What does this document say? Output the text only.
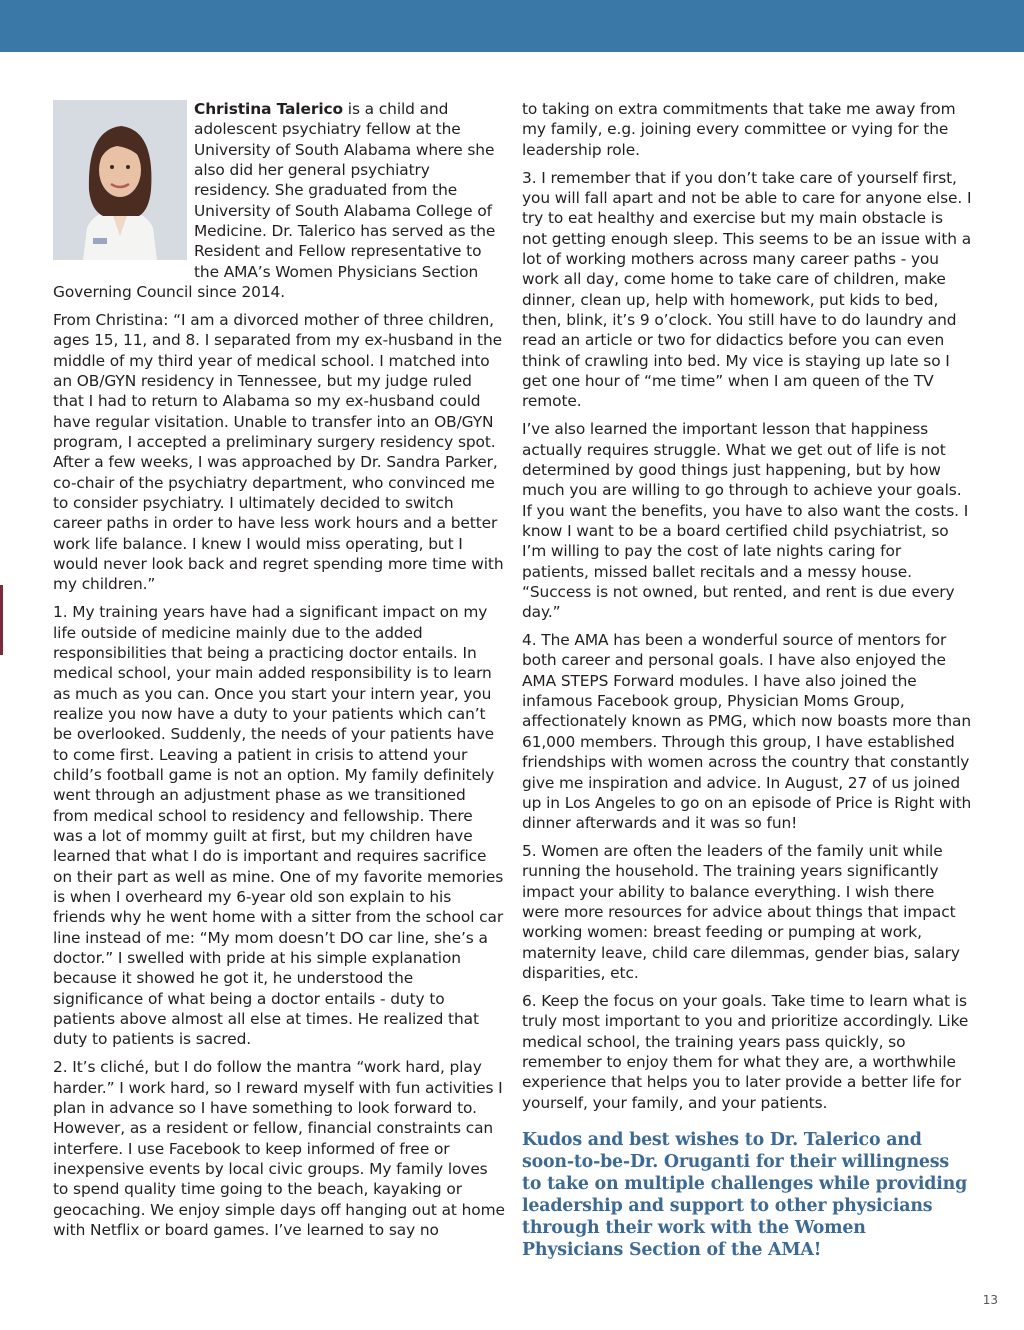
Christina Talerico is a child and adolescent psychiatry fellow at the University of South Alabama where she also did her general psychiatry residency. She graduated from the University of South Alabama College of Medicine. Dr. Talerico has served as the Resident and Fellow representative to the AMA’s Women Physicians Section Governing Council since 2014.

From Christina: “I am a divorced mother of three children, ages 15, 11, and 8. I separated from my ex-husband in the middle of my third year of medical school. I matched into an OB/GYN residency in Tennessee, but my judge ruled that I had to return to Alabama so my ex-husband could have regular visitation. Unable to transfer into an OB/GYN program, I accepted a preliminary surgery residency spot. After a few weeks, I was approached by Dr. Sandra Parker, co-chair of the psychiatry department, who convinced me to consider psychiatry. I ultimately decided to switch career paths in order to have less work hours and a better work life balance. I knew I would miss operating, but I would never look back and regret spending more time with my children.”

1. My training years have had a significant impact on my life outside of medicine mainly due to the added responsibilities that being a practicing doctor entails. In medical school, your main added responsibility is to learn as much as you can. Once you start your intern year, you realize you now have a duty to your patients which can’t be overlooked. Suddenly, the needs of your patients have to come first. Leaving a patient in crisis to attend your child’s football game is not an option. My family definitely went through an adjustment phase as we transitioned from medical school to residency and fellowship. There was a lot of mommy guilt at first, but my children have learned that what I do is important and requires sacrifice on their part as well as mine. One of my favorite memories is when I overheard my 6-year old son explain to his friends why he went home with a sitter from the school car line instead of me: “My mom doesn’t DO car line, she’s a doctor.” I swelled with pride at his simple explanation because it showed he got it, he understood the significance of what being a doctor entails - duty to patients above almost all else at times. He realized that duty to patients is sacred.

2. It’s cliché, but I do follow the mantra “work hard, play harder.” I work hard, so I reward myself with fun activities I plan in advance so I have something to look forward to. However, as a resident or fellow, financial constraints can interfere. I use Facebook to keep informed of free or inexpensive events by local civic groups. My family loves to spend quality time going to the beach, kayaking or geocaching. We enjoy simple days off hanging out at home with Netflix or board games. I’ve learned to say no

to taking on extra commitments that take me away from my family, e.g. joining every committee or vying for the leadership role.

3. I remember that if you don’t take care of yourself first, you will fall apart and not be able to care for anyone else. I try to eat healthy and exercise but my main obstacle is not getting enough sleep. This seems to be an issue with a lot of working mothers across many career paths - you work all day, come home to take care of children, make dinner, clean up, help with homework, put kids to bed, then, blink, it’s 9 o’clock. You still have to do laundry and read an article or two for didactics before you can even think of crawling into bed. My vice is staying up late so I get one hour of “me time” when I am queen of the TV remote.

I’ve also learned the important lesson that happiness actually requires struggle. What we get out of life is not determined by good things just happening, but by how much you are willing to go through to achieve your goals. If you want the benefits, you have to also want the costs. I know I want to be a board certified child psychiatrist, so I’m willing to pay the cost of late nights caring for patients, missed ballet recitals and a messy house. “Success is not owned, but rented, and rent is due every day.”

4. The AMA has been a wonderful source of mentors for both career and personal goals. I have also enjoyed the AMA STEPS Forward modules. I have also joined the infamous Facebook group, Physician Moms Group, affectionately known as PMG, which now boasts more than 61,000 members. Through this group, I have established friendships with women across the country that constantly give me inspiration and advice. In August, 27 of us joined up in Los Angeles to go on an episode of Price is Right with dinner afterwards and it was so fun!

5. Women are often the leaders of the family unit while running the household. The training years significantly impact your ability to balance everything. I wish there were more resources for advice about things that impact working women: breast feeding or pumping at work, maternity leave, child care dilemmas, gender bias, salary disparities, etc.

6. Keep the focus on your goals. Take time to learn what is truly most important to you and prioritize accordingly. Like medical school, the training years pass quickly, so remember to enjoy them for what they are, a worthwhile experience that helps you to later provide a better life for yourself, your family, and your patients.

Kudos and best wishes to Dr. Talerico and soon-to-be-Dr. Oruganti for their willingness to take on multiple challenges while providing leadership and support to other physicians through their work with the Women Physicians Section of the AMA!
13
